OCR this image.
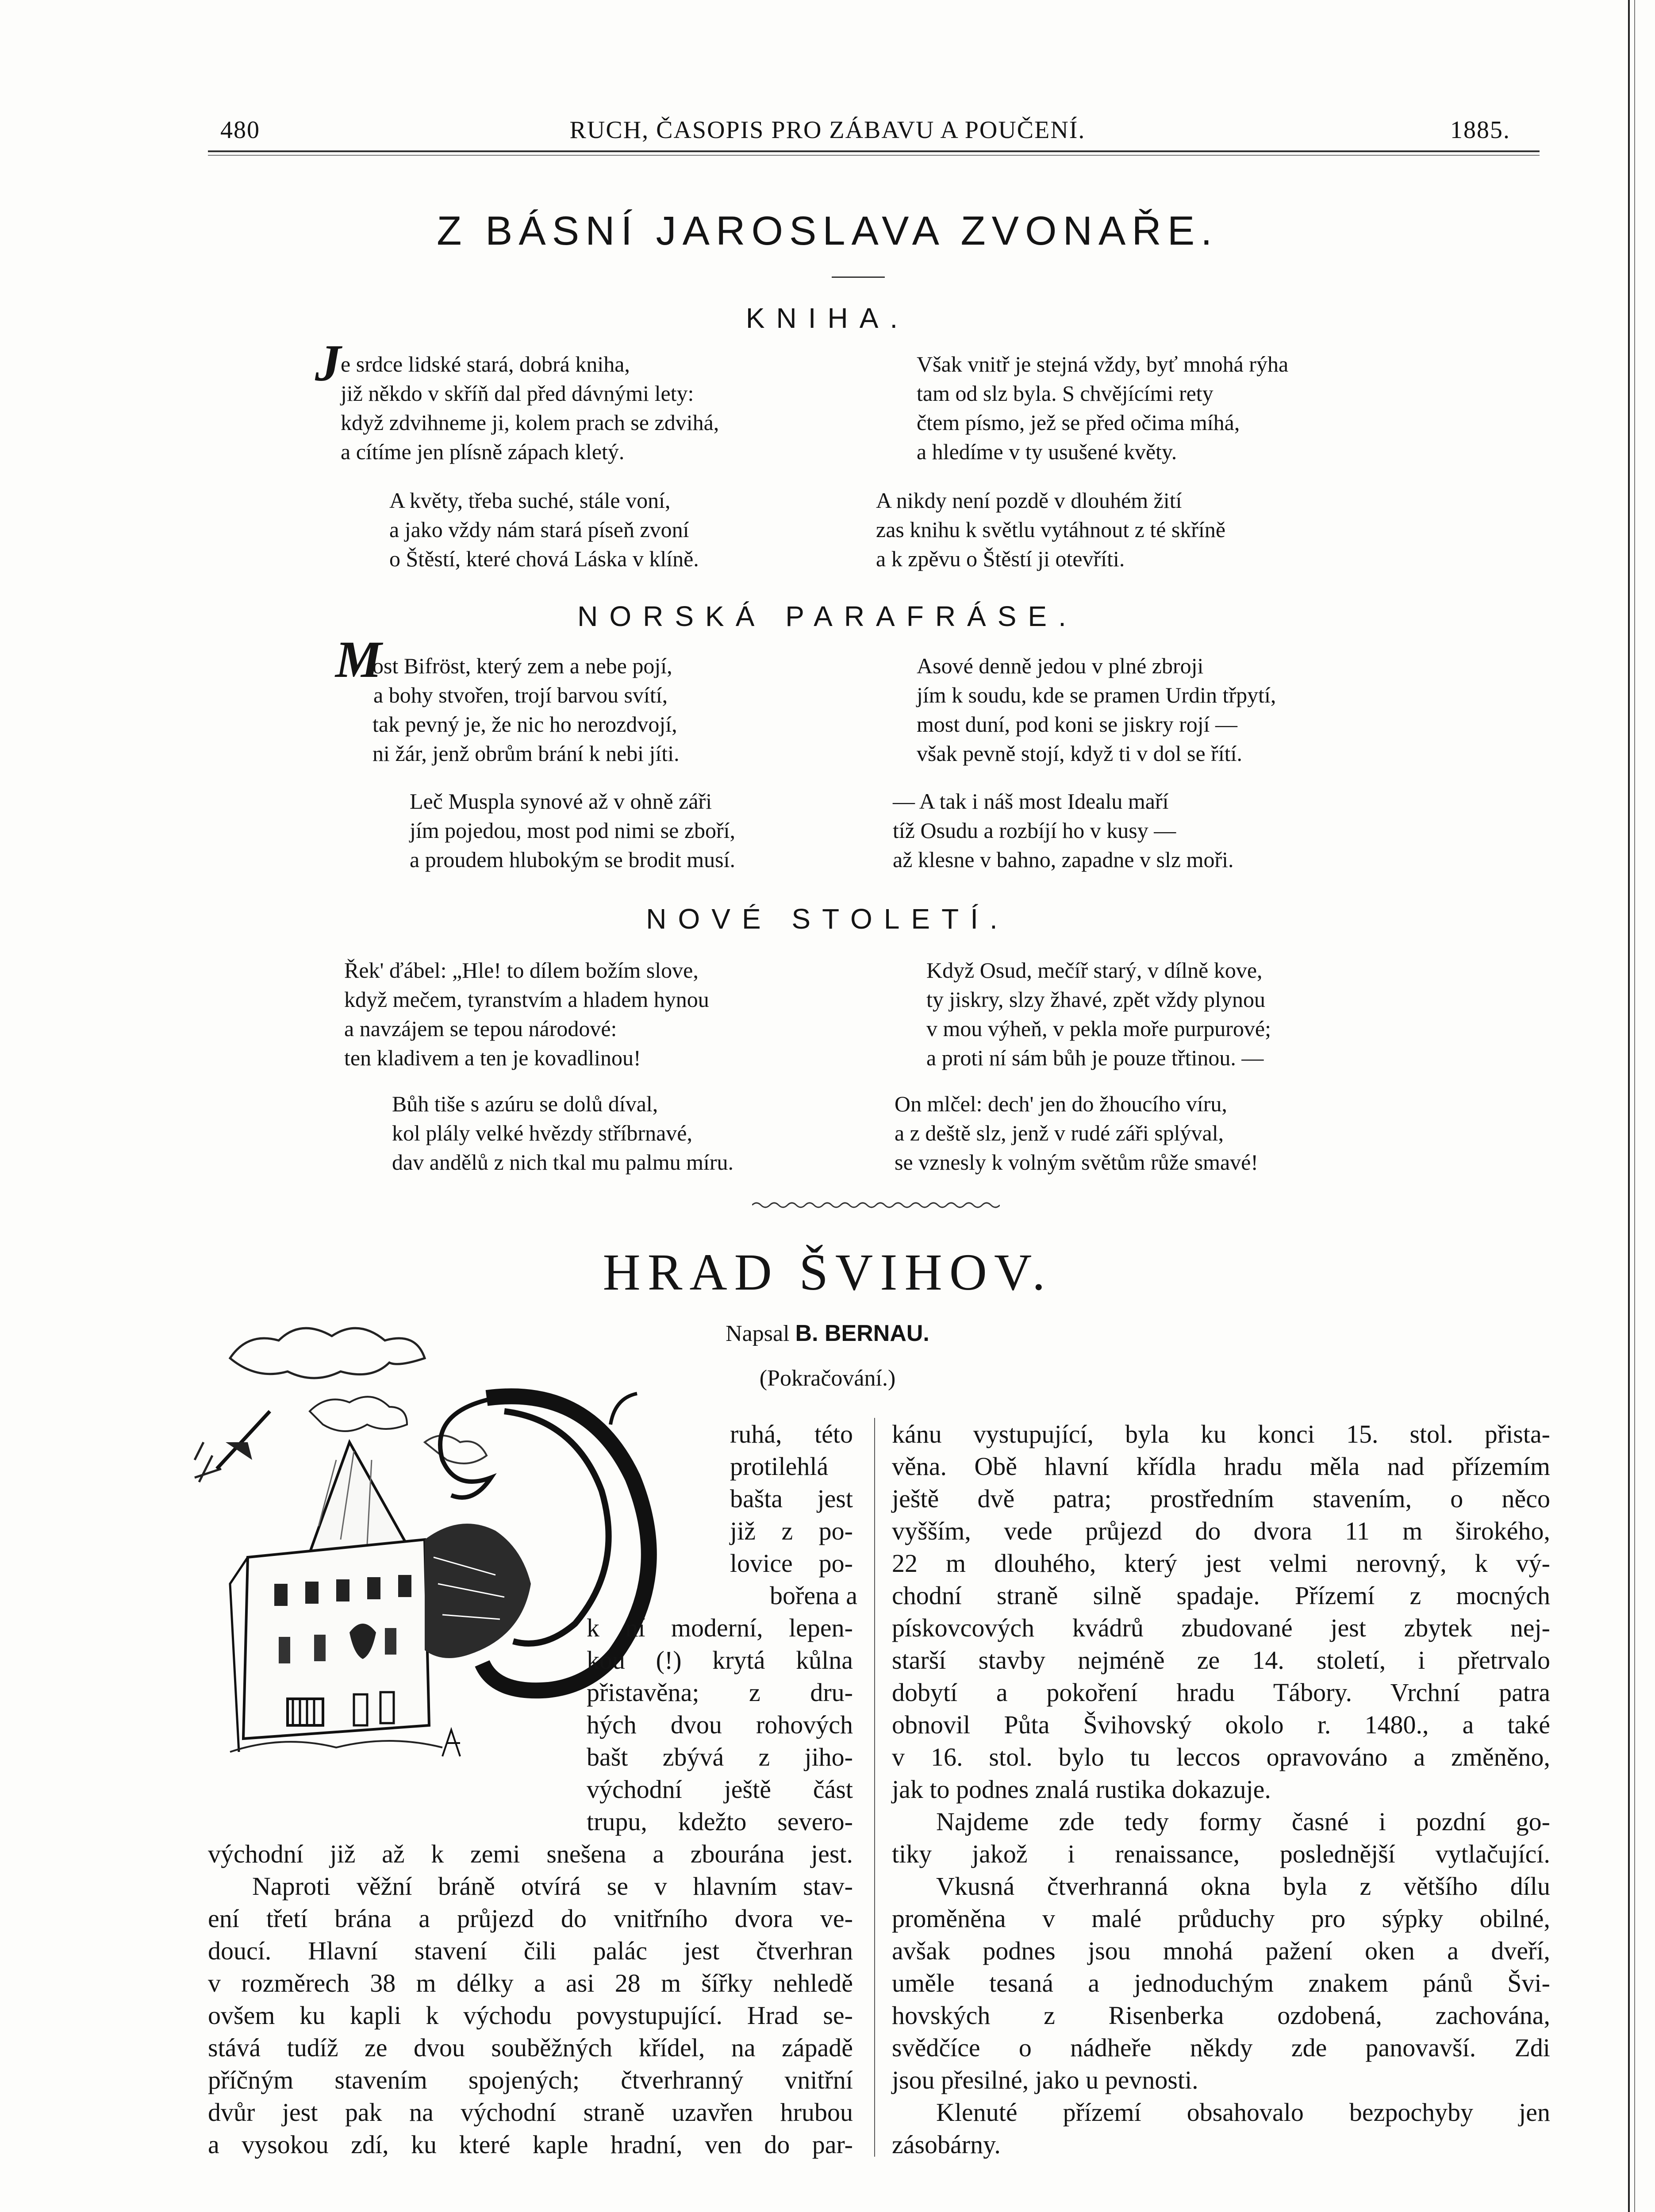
480	RUCH, ČASOPIS PRO ZÁBAVU A POUČENÍ.	1885.
Z BÁSNÍ JAROSLAVA ZVONAŘE.
KNIHA.
J e srdce lidské stará, dobrá kniha,
již někdo v skříň dal před dávnými lety:
když zdvihneme ji, kolem prach se zdvihá,
a cítíme jen plísně zápach kletý.
A květy, třeba suché, stále voní,
a jako vždy nám stará píseň zvoní
o Štěstí, které chová Láska v klíně.
Však vnitř je stejná vždy, byť mnohá rýha
tam od slz byla. S chvějícími rety
čtem písmo, jež se před očima míhá,
a hledíme v ty usušené květy.
A nikdy není pozdě v dlouhém žití
zas knihu k světlu vytáhnout z té skříně
a k zpěvu o Štěstí ji otevříti.
NORSKÁ PARAFRÁSE.
M
ost Bifröst, který zem a nebe pojí,
a bohy stvořen, trojí barvou svítí,
tak pevný je, že nic ho nerozdvojí,
ni žár, jenž obrům brání k nebi jíti.
Leč Muspla synové až v ohně záři
jím pojedou, most pod nimi se zboří,
a proudem hlubokým se brodit musí.
Asové denně jedou v plné zbroji
jím k soudu, kde se pramen Urdin třpytí,
most duní, pod koni se jiskry rojí —
však pevně stojí, když ti v dol se řítí.
— A tak i náš most Idealu maří
tíž Osudu a rozbíjí ho v kusy —
až klesne v bahno, zapadne v slz moři.
NOVÉ STOLETÍ.
Řek' ďábel: „Hle! to dílem božím slove,
když mečem, tyranstvím a hladem hynou
a navzájem se tepou národové:
ten kladivem a ten je kovadlinou!
Bůh tiše s azúru se dolů díval,
kol plály velké hvězdy stříbrnavé,
dav andělů z nich tkal mu palmu míru.
Když Osud, mečíř starý, v dílně kove,
ty jiskry, slzy žhavé, zpět vždy plynou
v mou výheň, v pekla moře purpurové;
a proti ní sám bůh je pouze třtinou. —
On mlčel: dech' jen do žhoucího víru,
a z deště slz, jenž v rudé záři splýval,
se vznesly k volným světům růže smavé!
HRAD ŠVIHOV.
Napsal B. BERNAU.
(Pokračování.)
ruhá, této
protilehlá
bašta jest
již z po-
lovice po-
bořena a
k ní moderní, lepen-
kou (!) krytá kůlna
přistavěna; z dru-
hých dvou rohových
bašt zbývá z jiho-
východní ještě část
trupu, kdežto severo-
východní již až k zemi snešena a zbourána jest.
Naproti věžní bráně otvírá se v hlavním stav-
ení třetí brána a průjezd do vnitřního dvora ve-
doucí. Hlavní stavení čili palác jest čtverhran
v rozměrech 38 m délky a asi 28 m šířky nehledě
ovšem ku kapli k východu povystupující. Hrad se-
stává tudíž ze dvou souběžných křídel, na západě
příčným stavením spojených; čtverhranný vnitřní
dvůr jest pak na východní straně uzavřen hrubou
a vysokou zdí, ku které kaple hradní, ven do par-
kánu vystupující, byla ku konci 15. stol. přista-
věna. Obě hlavní křídla hradu měla nad přízemím
ještě dvě patra; prostředním stavením, o něco
vyšším, vede průjezd do dvora 11 m širokého,
22 m dlouhého, který jest velmi nerovný, k vý-
chodní straně silně spadaje. Přízemí z mocných
pískovcových kvádrů zbudované jest zbytek nej-
starší stavby nejméně ze 14. století, i přetrvalo
dobytí a pokoření hradu Tábory. Vrchní patra
obnovil Půta Švihovský okolo r. 1480., a také
v 16. stol. bylo tu leccos opravováno a změněno,
jak to podnes znalá rustika dokazuje.
Najdeme zde tedy formy časné i pozdní go-
tiky jakož i renaissance, poslednější vytlačující.
Vkusná čtverhranná okna byla z většího dílu
proměněna v malé průduchy pro sýpky obilné,
avšak podnes jsou mnohá pažení oken a dveří,
uměle tesaná a jednoduchým znakem pánů Švi-
hovských z Risenberka ozdobená, zachována,
svědčíce o nádheře někdy zde panovavší. Zdi
jsou přesilné, jako u pevnosti.
Klenuté přízemí obsahovalo bezpochyby jen
zásobárny.
